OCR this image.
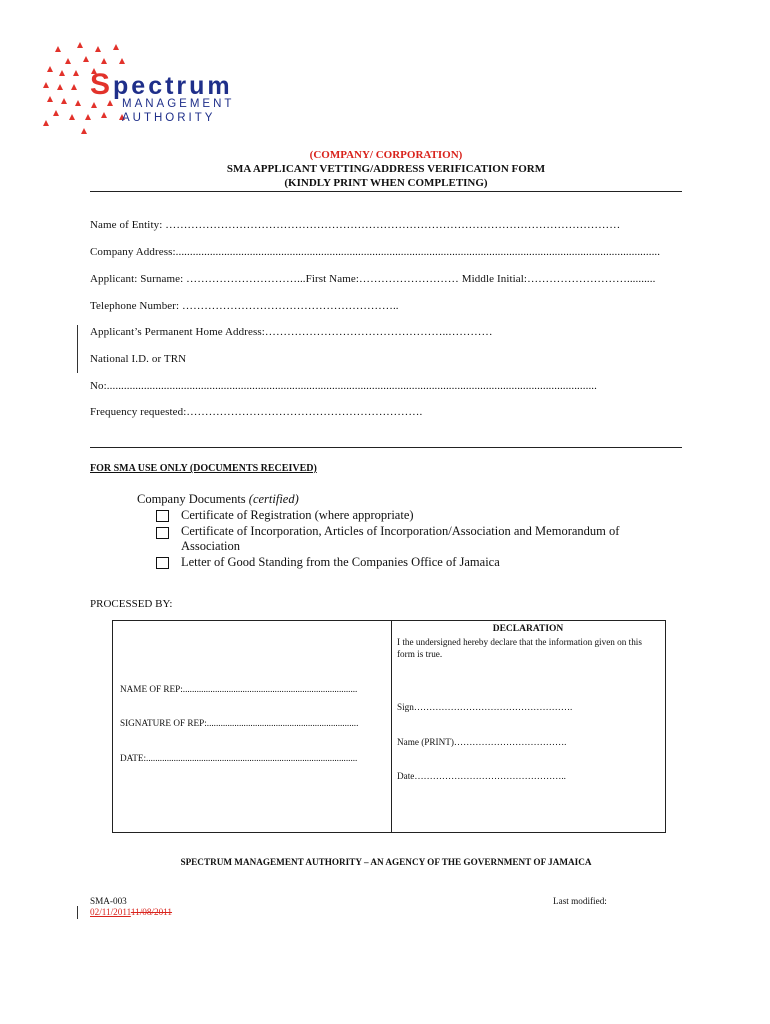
Spectrum
MANAGEMENT
AUTHORITY
(COMPANY/ CORPORATION)
SMA APPLICANT VETTING/ADDRESS VERIFICATION FORM
(KINDLY PRINT WHEN COMPLETING)
Name of Entity: ……………………………………………………………………………………………………………
Company Address:..........................................................................................................................................................................
Applicant: Surname: …………………………...First Name:……………………… Middle Initial:………………………..........
Telephone Number: …………………………………………………..
Applicant’s Permanent Home Address:…………………………………………..…………
National I.D. or TRN
No:............................................................................................................................................................................
Frequency requested:……………………………………………………….
FOR SMA USE ONLY (DOCUMENTS RECEIVED)
Company Documents (certified)
Certificate of Registration (where appropriate)
Certificate of Incorporation, Articles of Incorporation/Association and Memorandum of
Association
Letter of Good Standing from the Companies Office of Jamaica
PROCESSED BY:
NAME OF REP:............................................................................
SIGNATURE OF REP:..................................................................
DATE:............................................................................................
DECLARATION
I the undersigned hereby declare that the information given on this form is true.
Sign…………………………………………….
Name (PRINT)……………………………….
Date…………………………………………..
SPECTRUM MANAGEMENT AUTHORITY – AN AGENCY OF THE GOVERNMENT OF JAMAICA
SMA-003
02/11/201111/08/2011
Last modified:
